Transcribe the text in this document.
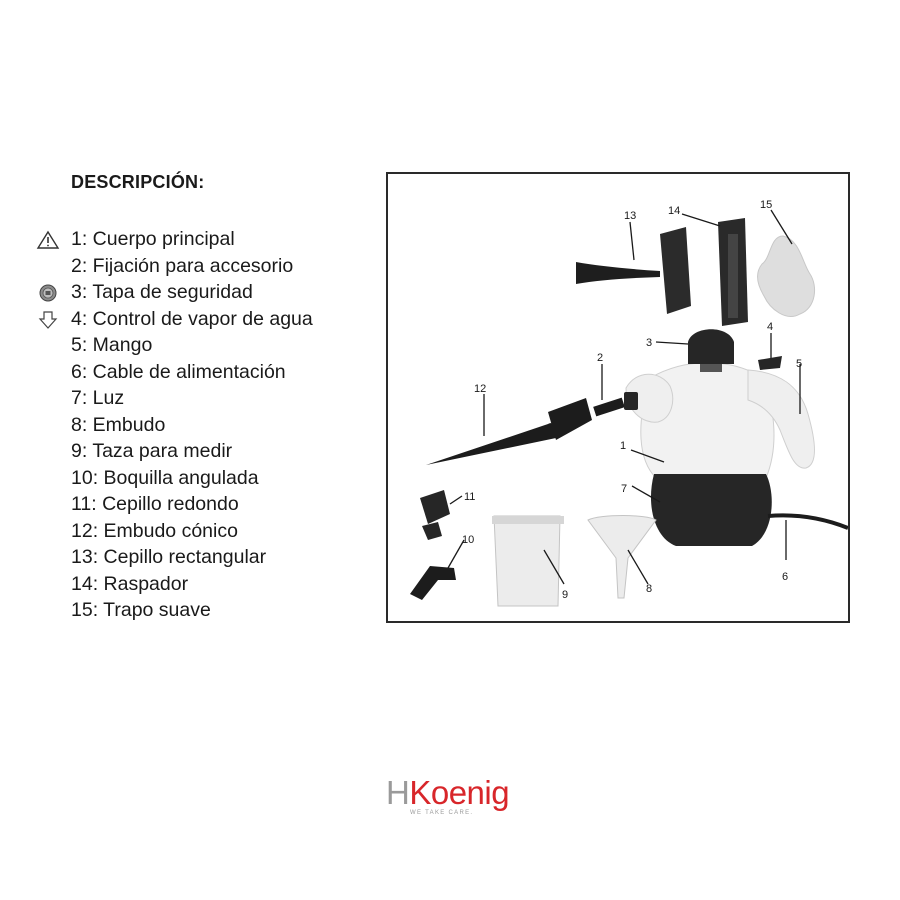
DESCRIPCIÓN:
1: Cuerpo principal
2: Fijación para accesorio
3: Tapa de seguridad
4: Control de vapor de agua
5: Mango
6: Cable de alimentación
7: Luz
8: Embudo
9: Taza para medir
10: Boquilla angulada
11: Cepillo redondo
12: Embudo cónico
13: Cepillo rectangular
14: Raspador
15: Trapo suave
13	14	15
3
4
5
2
12
1
7
6
11
10
9	8
HKoenig
WE TAKE CARE.
